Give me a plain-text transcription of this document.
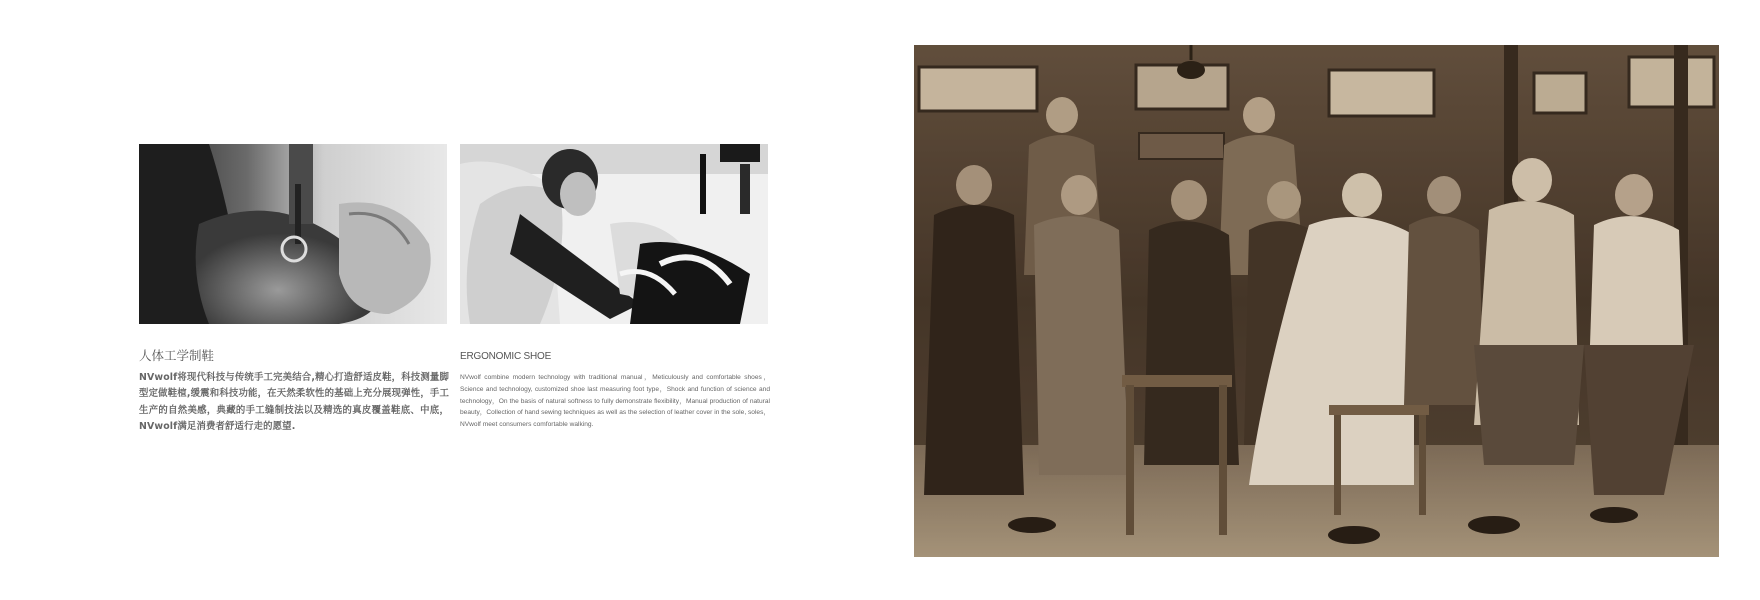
人体工学制鞋

NVwolf将现代科技与传统手工完美结合,精心打造舒适皮鞋，科技测量脚型定做鞋楦,缓震和科技功能，在天然柔软性的基础上充分展现弹性，手工生产的自然美感，典藏的手工缝制技法以及精选的真皮覆盖鞋底、中底，NVwolf满足消费者舒适行走的愿望.

ERGONOMIC SHOE

NVwolf combine modern technology with traditional manual，Meticulously and comfortable shoes，Science and technology, customized shoe last measuring foot type，Shock and function of science and technology，On the basis of natural softness to fully demonstrate flexibility，Manual production of natural beauty，Collection of hand sewing techniques as well as the selection of leather cover in the sole, soles，NVwolf meet consumers comfortable walking.
